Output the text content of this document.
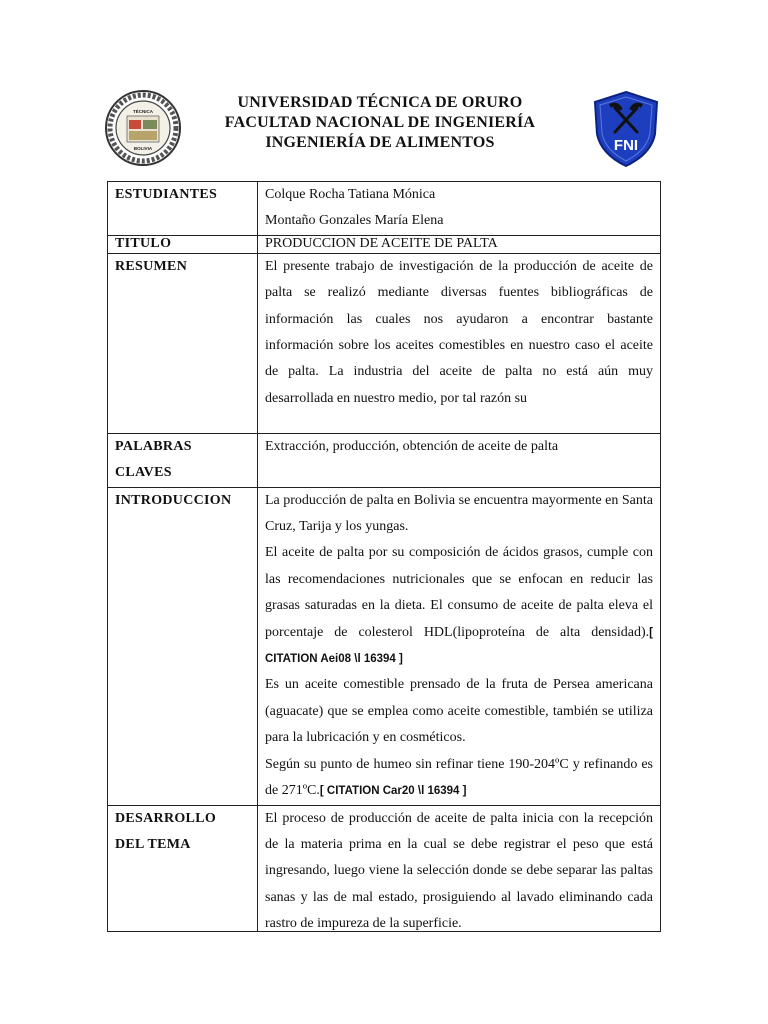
TÉCNICA
BOLIVIA
UNIVERSIDAD TÉCNICA DE ORURO
FACULTAD NACIONAL DE INGENIERÍA
INGENIERÍA DE ALIMENTOS	FNI
ESTUDIANTES	Colque Rocha Tatiana Mónica
Montaño Gonzales María Elena

TITULO	PRODUCCION DE ACEITE DE PALTA
RESUMEN	El presente trabajo de investigación de la producción de aceite de palta se realizó mediante diversas fuentes bibliográficas de información las cuales nos ayudaron a encontrar bastante información sobre los aceites comestibles en nuestro caso el aceite de palta. La industria del aceite de palta no está aún muy desarrollada en nuestro medio, por tal razón su

PALABRAS
CLAVES	Extracción, producción, obtención de aceite de palta
INTRODUCCION	La producción de palta en Bolivia se encuentra mayormente en Santa Cruz, Tarija y los yungas.

El aceite de palta por su composición de ácidos grasos, cumple con las recomendaciones nutricionales que se enfocan en reducir las grasas saturadas en la dieta. El consumo de aceite de palta eleva el porcentaje de colesterol HDL(lipoproteína de alta densidad).[ CITATION Aei08 \l 16394 ]

Es un aceite comestible prensado de la fruta de Persea americana (aguacate) que se emplea como aceite comestible, también se utiliza para la lubricación y en cosméticos.

Según su punto de humeo sin refinar tiene 190-204ºC y refinando es de 271ºC.[ CITATION Car20 \l 16394 ]

DESARROLLO
DEL TEMA	El proceso de producción de aceite de palta inicia con la recepción de la materia prima en la cual se debe registrar el peso que está ingresando, luego viene la selección donde se debe separar las paltas sanas y las de mal estado, prosiguiendo al lavado eliminando cada rastro de impureza de la superficie.
